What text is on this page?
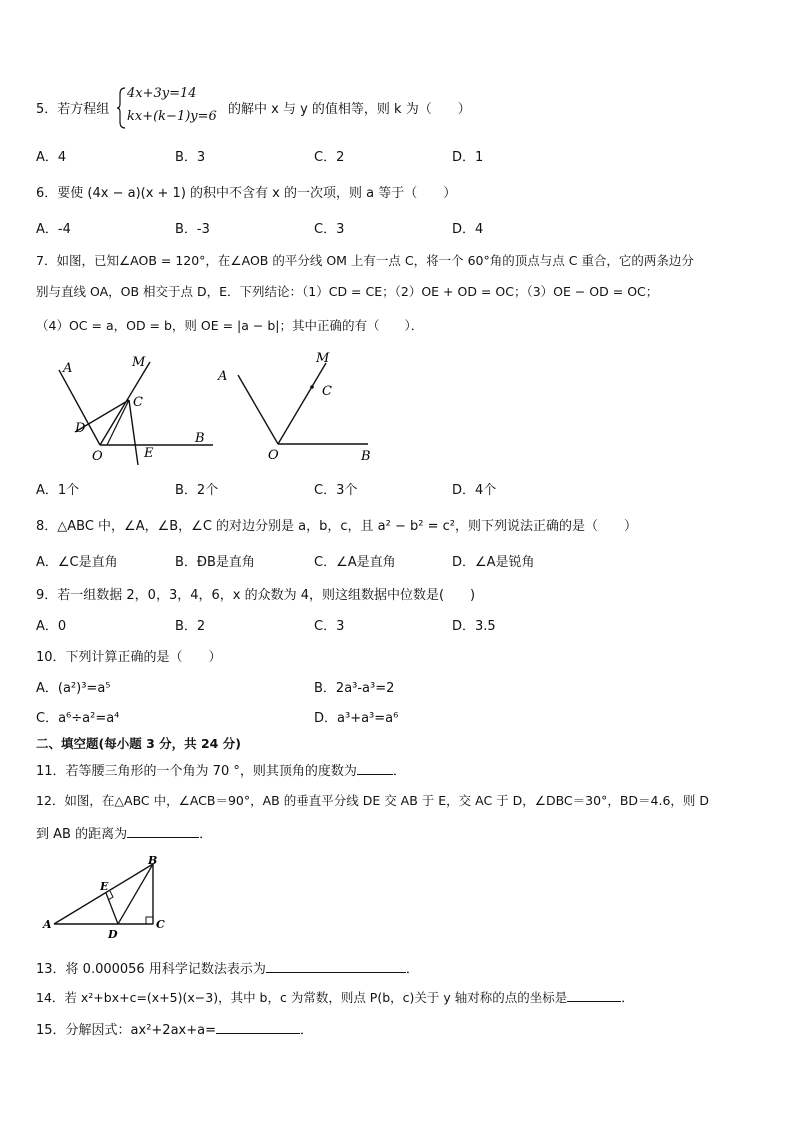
5．若方程组
4x+3y=14
kx+(k−1)y=6 的解中 x 与 y 的值相等，则 k 为（　　）
A．4	B．3	C．2	D．1
6．要使 (4x − a)(x + 1) 的积中不含有 x 的一次项，则 a 等于（　　）
A．-4	B．-3	C．3	D．4
7．如图，已知∠AOB = 120°，在∠AOB 的平分线 OM 上有一点 C，将一个 60°角的顶点与点 C 重合，它的两条边分
别与直线 OA，OB 相交于点 D，E．下列结论：（1）CD = CE；（2）OE + OD = OC；（3）OE − OD = OC；
（4）OC = a，OD = b，则 OE = |a − b|；其中正确的有（　　）．
A	M
C
D
O	E
B
A
M
C
O	B
A．1个	B．2个	C．3个	D．4个
8．△ABC 中，∠A，∠B，∠C 的对边分别是 a，b，c，且 a² − b² = c²，则下列说法正确的是（　　）
A．∠C是直角	B．ÐB是直角	C．∠A是直角	D．∠A是锐角
9．若一组数据 2，0，3，4，6，x 的众数为 4，则这组数据中位数是(　　)
A．0	B．2	C．3	D．3.5
10．下列计算正确的是（　　）
A．(a²)³=a⁵	B．2a³-a³=2
C．a⁶÷a²=a⁴	D．a³+a³=a⁶
二、填空题(每小题 3 分，共 24 分)
11．若等腰三角形的一个角为 70 °，则其顶角的度数为	．
12．如图，在△ABC 中，∠ACB＝90°，AB 的垂直平分线 DE 交 AB 于 E，交 AC 于 D，∠DBC＝30°，BD＝4.6，则 D
到 AB 的距离为	．
B
E
A
D
C
13．将 0.000056 用科学记数法表示为	．
14．若 x²+bx+c=(x+5)(x−3)，其中 b，c 为常数，则点 P(b，c)关于 y 轴对称的点的坐标是	．
15．分解因式：ax²+2ax+a=	．
